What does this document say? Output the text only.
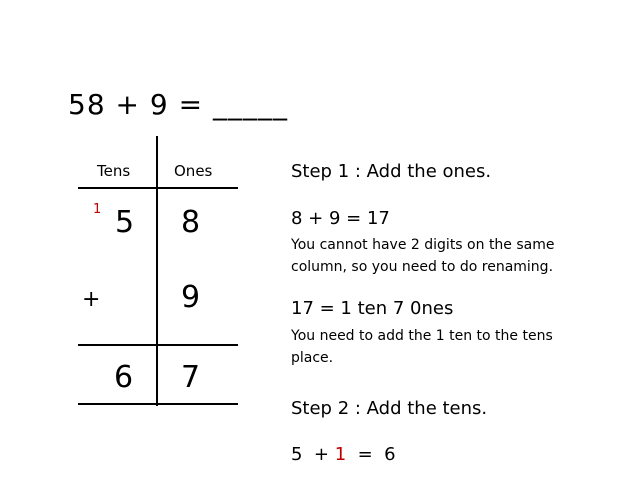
58 + 9 = _____
Tens	Ones
1 5 8
+	9
6 7
Step 1 : Add the ones.
8 + 9 = 17
You cannot have 2 digits on the same
column, so you need to do renaming.
17 = 1 ten 7 0nes
You need to add the 1 ten to the tens
place.
Step 2 : Add the tens.
5  + 1  =  6
